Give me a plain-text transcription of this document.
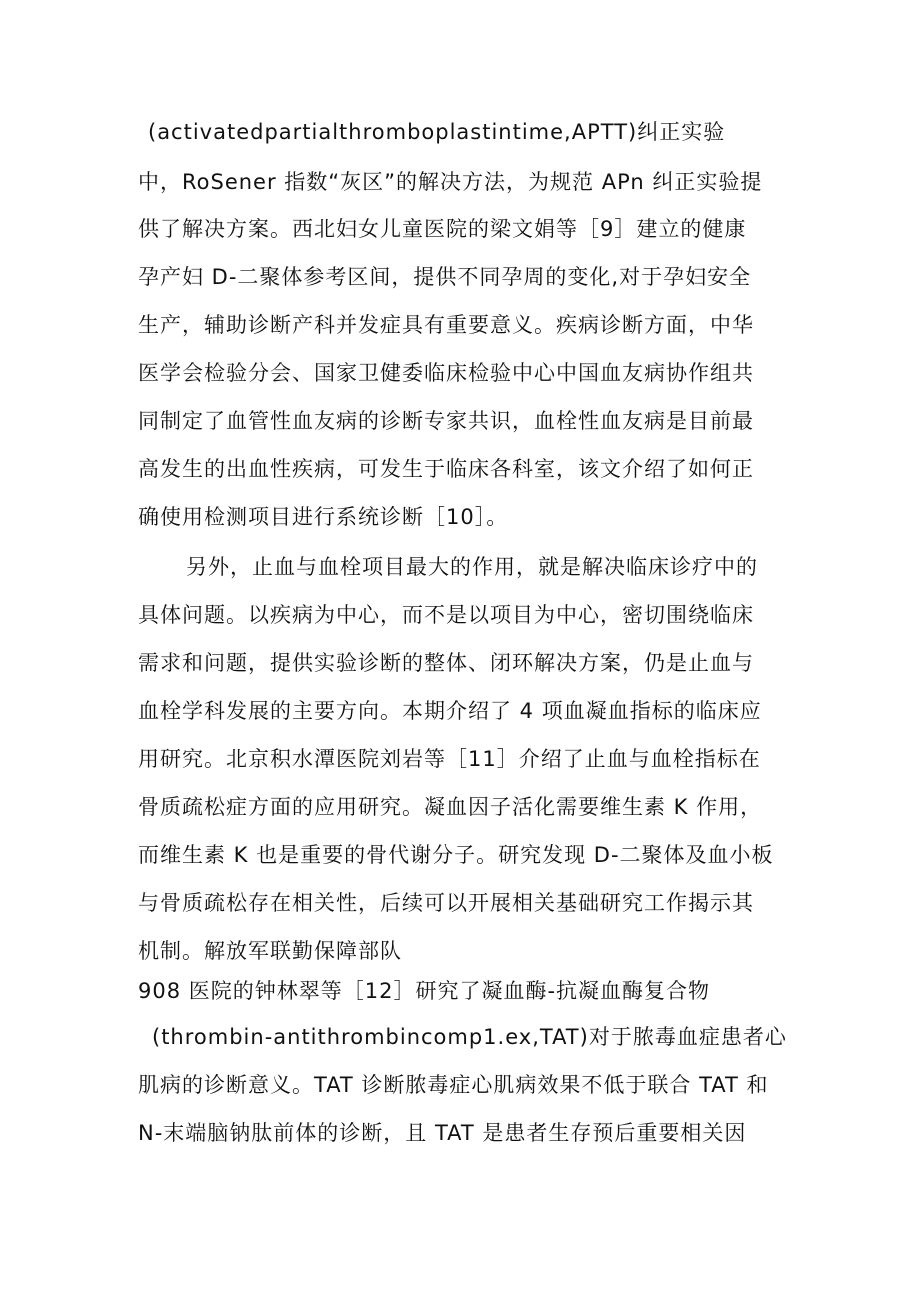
(activatedpartialthromboplastintime,APTT)纠正实验
中，RoSener 指数“灰区”的解决方法，为规范 APn 纠正实验提
供了解决方案。西北妇女儿童医院的梁文娟等［9］建立的健康
孕产妇 D-二聚体参考区间，提供不同孕周的变化,对于孕妇安全
生产，辅助诊断产科并发症具有重要意义。疾病诊断方面，中华
医学会检验分会、国家卫健委临床检验中心中国血友病协作组共
同制定了血管性血友病的诊断专家共识，血栓性血友病是目前最
高发生的出血性疾病，可发生于临床各科室，该文介绍了如何正
确使用检测项目进行系统诊断［10］。
另外，止血与血栓项目最大的作用，就是解决临床诊疗中的
具体问题。以疾病为中心，而不是以项目为中心，密切围绕临床
需求和问题，提供实验诊断的整体、闭环解决方案，仍是止血与
血栓学科发展的主要方向。本期介绍了 4 项血凝血指标的临床应
用研究。北京积水潭医院刘岩等［11］介绍了止血与血栓指标在
骨质疏松症方面的应用研究。凝血因子活化需要维生素 K 作用，
而维生素 K 也是重要的骨代谢分子。研究发现 D-二聚体及血小板
与骨质疏松存在相关性，后续可以开展相关基础研究工作揭示其
机制。解放军联勤保障部队
908 医院的钟林翠等［12］研究了凝血酶-抗凝血酶复合物
(thrombin-antithrombincomp1.ex,TAT)对于脓毒血症患者心
肌病的诊断意义。TAT 诊断脓毒症心肌病效果不低于联合 TAT 和
N-末端脑钠肽前体的诊断，且 TAT 是患者生存预后重要相关因
